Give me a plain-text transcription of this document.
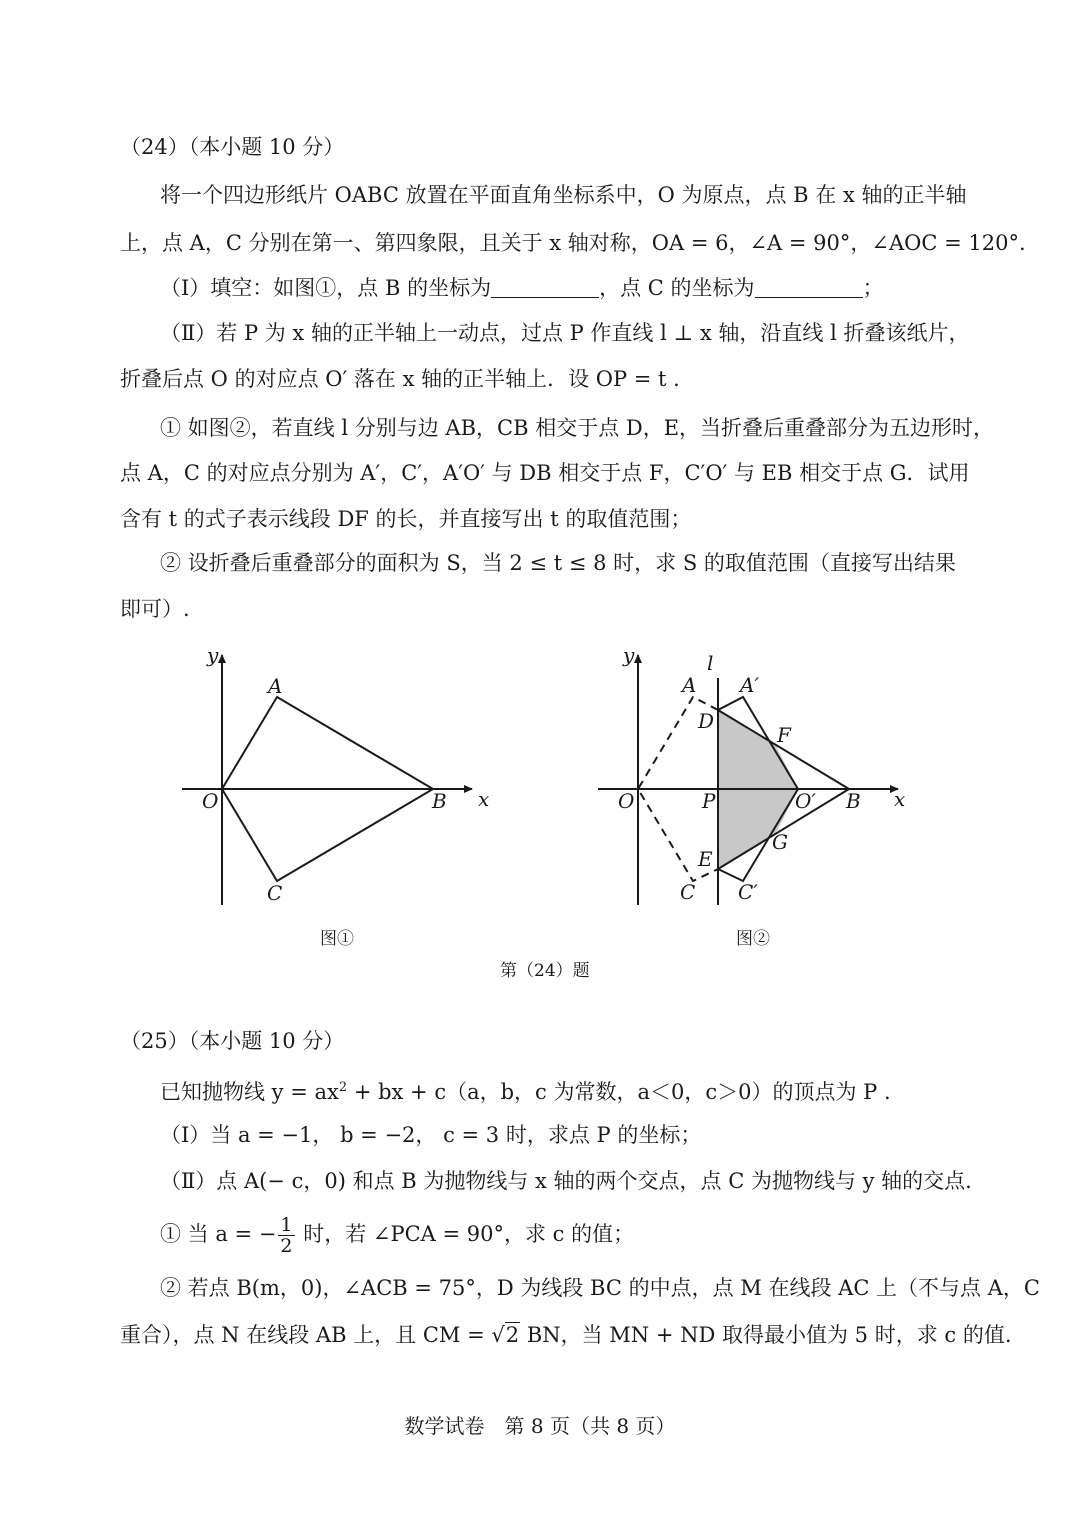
（24）（本小题 10 分）
将一个四边形纸片 OABC 放置在平面直角坐标系中，O 为原点，点 B 在 x 轴的正半轴
上，点 A，C 分别在第一、第四象限，且关于 x 轴对称，OA = 6，∠A = 90°，∠AOC = 120°.
（Ⅰ）填空：如图①，点 B 的坐标为	，点 C 的坐标为	；
（Ⅱ）若 P 为 x 轴的正半轴上一动点，过点 P 作直线 l ⊥ x 轴，沿直线 l 折叠该纸片，
折叠后点 O 的对应点 O′ 落在 x 轴的正半轴上．设 OP = t .
① 如图②，若直线 l 分别与边 AB，CB 相交于点 D，E，当折叠后重叠部分为五边形时，
点 A，C 的对应点分别为 A′，C′，A′O′ 与 DB 相交于点 F，C′O′ 与 EB 相交于点 G．试用
含有 t 的式子表示线段 DF 的长，并直接写出 t 的取值范围；
② 设折叠后重叠部分的面积为 S，当 2 ≤ t ≤ 8 时，求 S 的取值范围（直接写出结果
即可）.
y
A
O	B x
C
y	l
A A′
D
F
O	P	O′ B x
G
E
C C′
图①	图②
第（24）题
（25）（本小题 10 分）
已知抛物线 $y = ax^2$ + bx + c（a，b，c 为常数，a＜0，c＞0）的顶点为 P .
（Ⅰ）当 a = −1， b = −2， c = 3 时，求点 P 的坐标；
（Ⅱ）点 A(− c，0) 和点 B 为抛物线与 x 轴的两个交点，点 C 为抛物线与 y 轴的交点.
① 当 a = − $\frac{1}{2}$ 时，若 ∠PCA = 90°，求 c 的值；
② 若点 B(m，0)，∠ACB = 75°，D 为线段 BC 的中点，点 M 在线段 AC 上（不与点 A，C
重合），点 N 在线段 AB 上，且 CM = √2 BN，当 MN + ND 取得最小值为 5 时，求 c 的值.
数学试卷　第 8 页（共 8 页）
